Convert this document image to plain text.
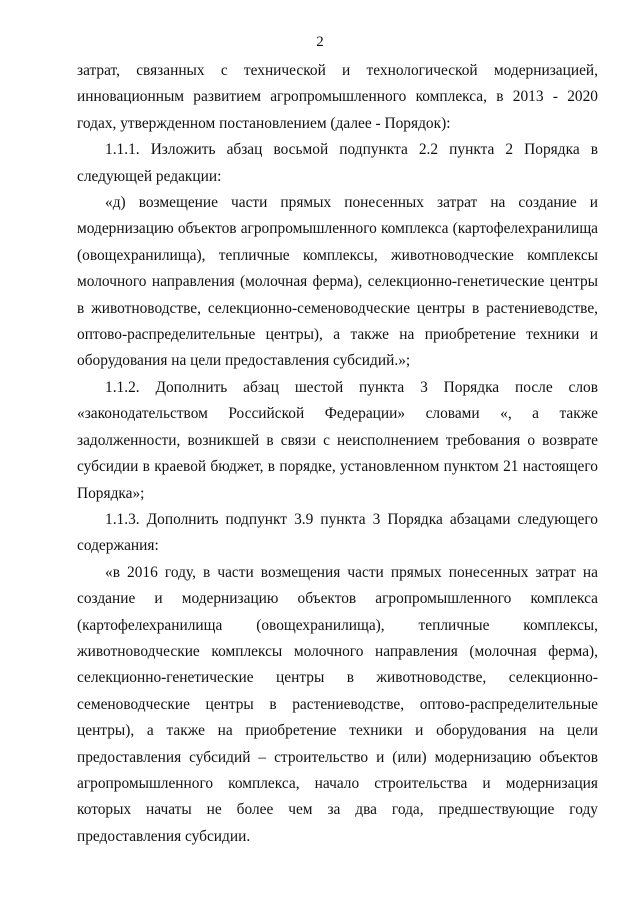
2

затрат, связанных с технической и технологической модернизацией, инновационным развитием агропромышленного комплекса, в 2013 - 2020 годах, утвержденном постановлением (далее - Порядок):

1.1.1. Изложить абзац восьмой подпункта 2.2 пункта 2 Порядка в следующей редакции:

«д) возмещение части прямых понесенных затрат на создание и модернизацию объектов агропромышленного комплекса (картофелехранилища (овощехранилища), тепличные комплексы, животноводческие комплексы молочного направления (молочная ферма), селекционно-генетические центры в животноводстве, селекционно-семеноводческие центры в растениеводстве, оптово-распределительные центры), а также на приобретение техники и оборудования на цели предоставления субсидий.»;

1.1.2. Дополнить абзац шестой пункта 3 Порядка после слов «законодательством Российской Федерации» словами «, а также задолженности, возникшей в связи с неисполнением требования о возврате субсидии в краевой бюджет, в порядке, установленном пунктом 21 настоящего Порядка»;

1.1.3. Дополнить подпункт 3.9 пункта 3 Порядка абзацами следующего содержания:

«в 2016 году, в части возмещения части прямых понесенных затрат на создание и модернизацию объектов агропромышленного комплекса (картофелехранилища (овощехранилища), тепличные комплексы, животноводческие комплексы молочного направления (молочная ферма), селекционно-генетические центры в животноводстве, селекционно-семеноводческие центры в растениеводстве, оптово-распределительные центры), а также на приобретение техники и оборудования на цели предоставления субсидий – строительство и (или) модернизацию объектов агропромышленного комплекса, начало строительства и модернизация которых начаты не более чем за два года, предшествующие году предоставления субсидии.
